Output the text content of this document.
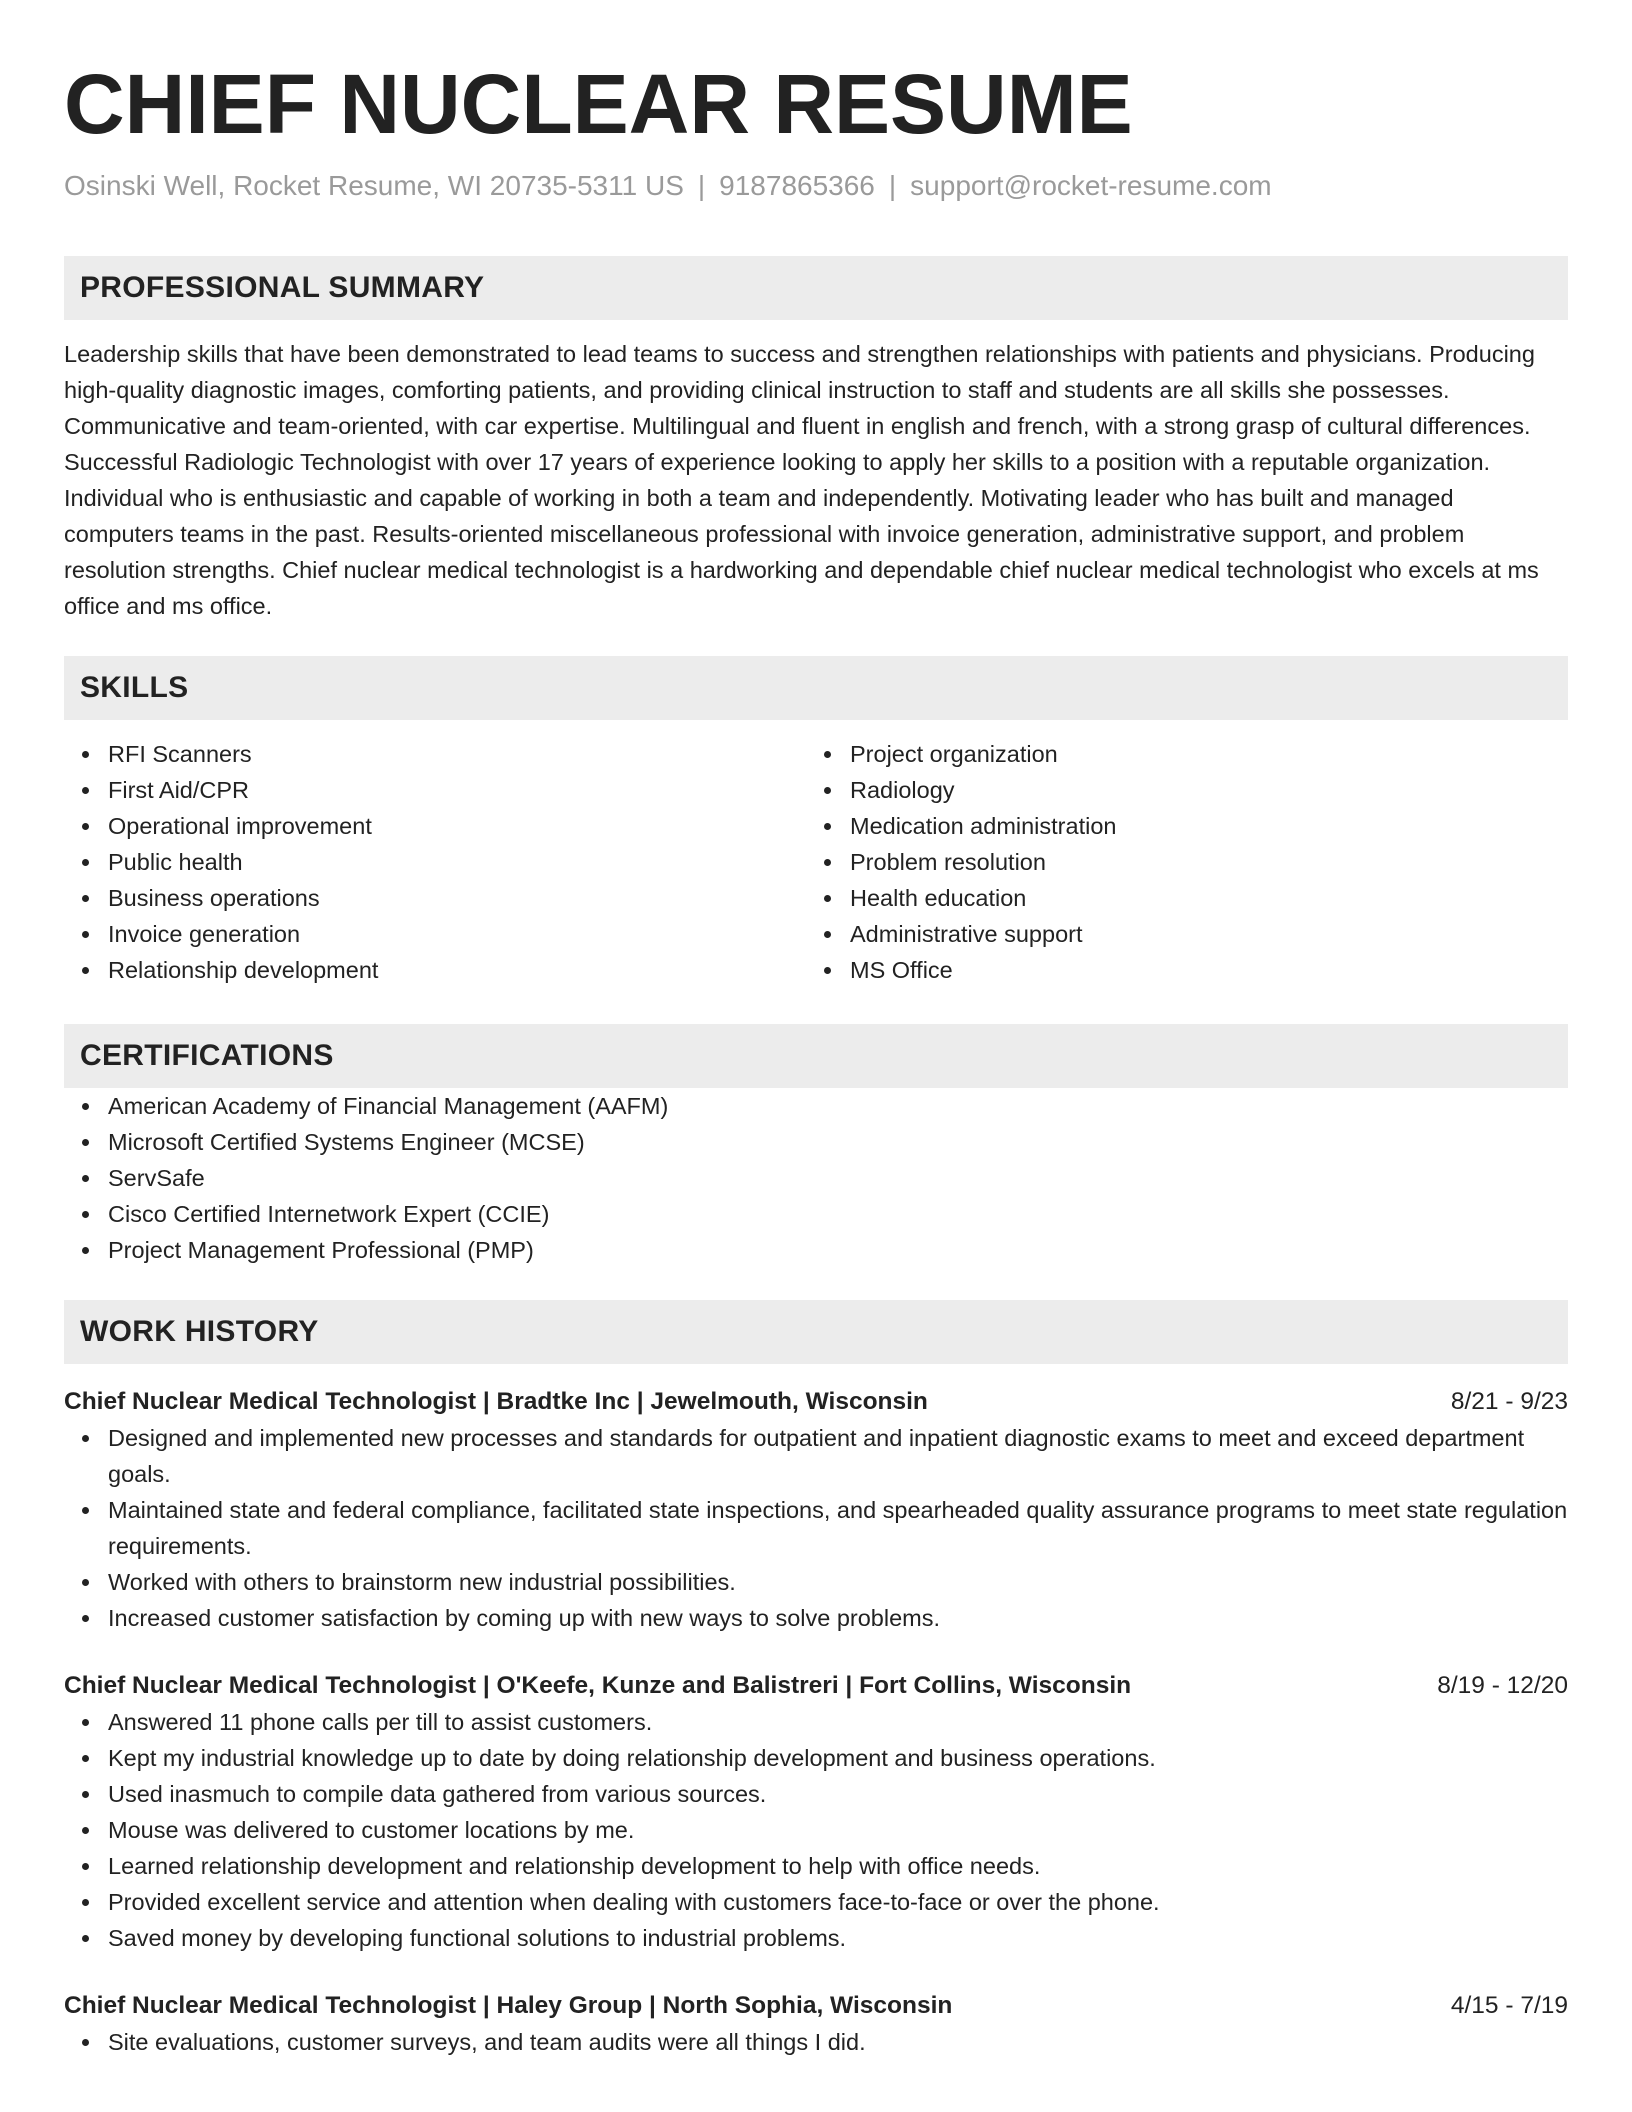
CHIEF NUCLEAR RESUME
Osinski Well, Rocket Resume, WI 20735-5311 US | 9187865366 | support@rocket-resume.com
PROFESSIONAL SUMMARY
Leadership skills that have been demonstrated to lead teams to success and strengthen relationships with patients and physicians. Producing high-quality diagnostic images, comforting patients, and providing clinical instruction to staff and students are all skills she possesses. Communicative and team-oriented, with car expertise. Multilingual and fluent in english and french, with a strong grasp of cultural differences. Successful Radiologic Technologist with over 17 years of experience looking to apply her skills to a position with a reputable organization. Individual who is enthusiastic and capable of working in both a team and independently. Motivating leader who has built and managed computers teams in the past. Results-oriented miscellaneous professional with invoice generation, administrative support, and problem resolution strengths. Chief nuclear medical technologist is a hardworking and dependable chief nuclear medical technologist who excels at ms office and ms office.
SKILLS
RFI Scanners
First Aid/CPR
Operational improvement
Public health
Business operations
Invoice generation
Relationship development
Project organization
Radiology
Medication administration
Problem resolution
Health education
Administrative support
MS Office
CERTIFICATIONS
American Academy of Financial Management (AAFM)
Microsoft Certified Systems Engineer (MCSE)
ServSafe
Cisco Certified Internetwork Expert (CCIE)
Project Management Professional (PMP)
WORK HISTORY
Chief Nuclear Medical Technologist | Bradtke Inc | Jewelmouth, Wisconsin	8/21 - 9/23
Designed and implemented new processes and standards for outpatient and inpatient diagnostic exams to meet and exceed department goals.
Maintained state and federal compliance, facilitated state inspections, and spearheaded quality assurance programs to meet state regulation requirements.
Worked with others to brainstorm new industrial possibilities.
Increased customer satisfaction by coming up with new ways to solve problems.
Chief Nuclear Medical Technologist | O'Keefe, Kunze and Balistreri | Fort Collins, Wisconsin	8/19 - 12/20
Answered 11 phone calls per till to assist customers.
Kept my industrial knowledge up to date by doing relationship development and business operations.
Used inasmuch to compile data gathered from various sources.
Mouse was delivered to customer locations by me.
Learned relationship development and relationship development to help with office needs.
Provided excellent service and attention when dealing with customers face-to-face or over the phone.
Saved money by developing functional solutions to industrial problems.
Chief Nuclear Medical Technologist | Haley Group | North Sophia, Wisconsin	4/15 - 7/19
Site evaluations, customer surveys, and team audits were all things I did.
